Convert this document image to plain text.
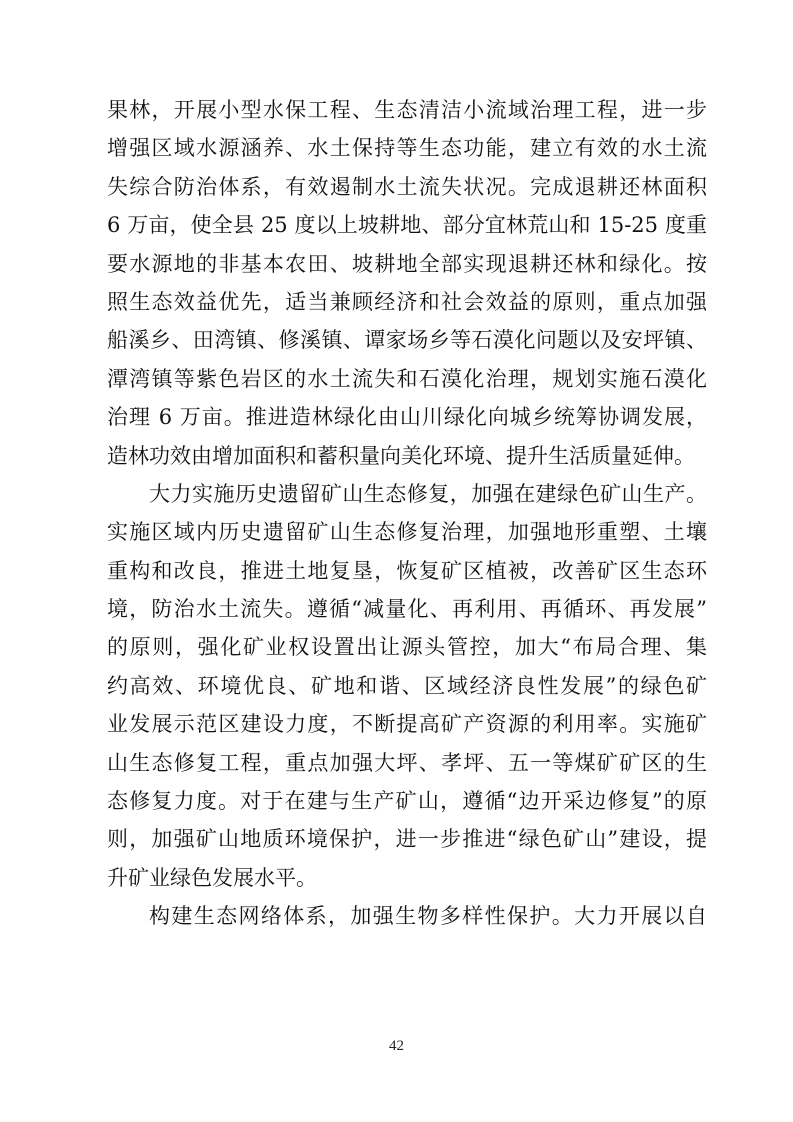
果林，开展小型水保工程、生态清洁小流域治理工程，进一步
增强区域水源涵养、水土保持等生态功能，建立有效的水土流
失综合防治体系，有效遏制水土流失状况。完成退耕还林面积
6 万亩，使全县 25 度以上坡耕地、部分宜林荒山和 15-25 度重
要水源地的非基本农田、坡耕地全部实现退耕还林和绿化。按
照生态效益优先，适当兼顾经济和社会效益的原则，重点加强
船溪乡、田湾镇、修溪镇、谭家场乡等石漠化问题以及安坪镇、
潭湾镇等紫色岩区的水土流失和石漠化治理，规划实施石漠化
治理 6 万亩。推进造林绿化由山川绿化向城乡统筹协调发展，
造林功效由增加面积和蓄积量向美化环境、提升生活质量延伸。
大力实施历史遗留矿山生态修复，加强在建绿色矿山生产。
实施区域内历史遗留矿山生态修复治理，加强地形重塑、土壤
重构和改良，推进土地复垦，恢复矿区植被，改善矿区生态环
境，防治水土流失。遵循“减量化、再利用、再循环、再发展”
的原则，强化矿业权设置出让源头管控，加大“布局合理、集
约高效、环境优良、矿地和谐、区域经济良性发展”的绿色矿
业发展示范区建设力度，不断提高矿产资源的利用率。实施矿
山生态修复工程，重点加强大坪、孝坪、五一等煤矿矿区的生
态修复力度。对于在建与生产矿山，遵循“边开采边修复”的原
则，加强矿山地质环境保护，进一步推进“绿色矿山”建设，提
升矿业绿色发展水平。
构建生态网络体系，加强生物多样性保护。大力开展以自
42
